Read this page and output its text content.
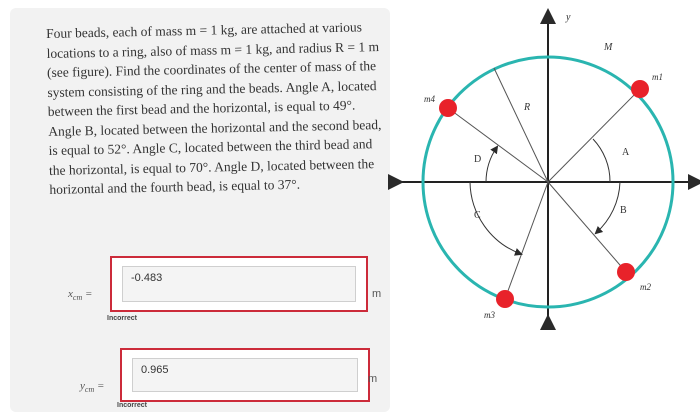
Four beads, each of mass m = 1 kg, are attached at various locations to a ring, also of mass m = 1 kg, and radius R = 1 m (see figure). Find the coordinates of the center of mass of the system consisting of the ring and the beads. Angle A, located between the first bead and the horizontal, is equal to 49°. Angle B, located between the horizontal and the second bead, is equal to 52°. Angle C, located between the third bead and the horizontal, is equal to 70°. Angle D, located between the horizontal and the fourth bead, is equal to 37°.
$x_{cm}$ =
-0.483
m
Incorrect
$y_{cm}$ =
0.965
m
Incorrect
y
M
R
A
B
C
D
m1
m2
m3
m4
